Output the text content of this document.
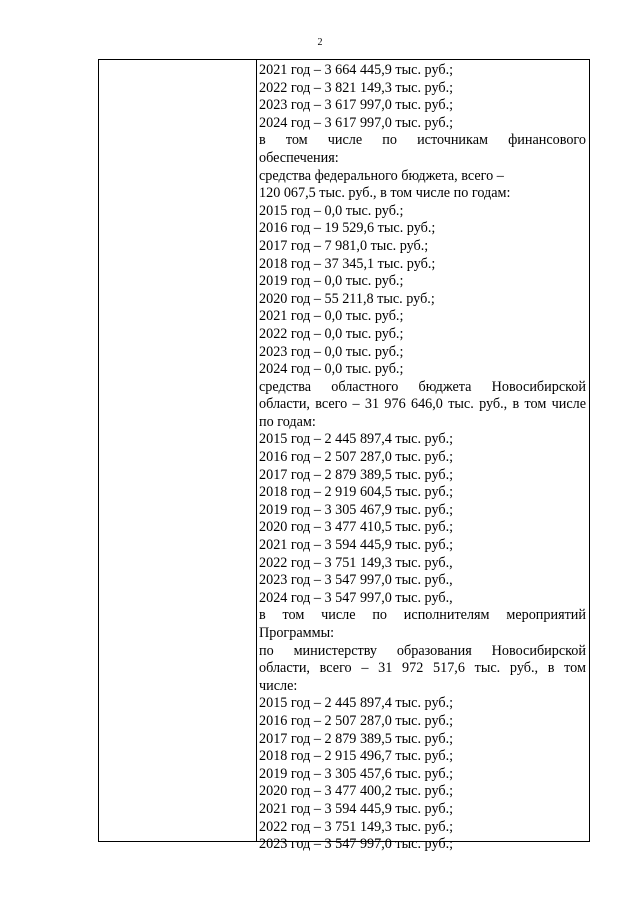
2
2021 год – 3 664 445,9 тыс. руб.;
2022 год – 3 821 149,3 тыс. руб.;
2023 год – 3 617 997,0 тыс. руб.;
2024 год – 3 617 997,0 тыс. руб.;
в том числе по источникам финансового
обеспечения:
средства федерального бюджета, всего –
120 067,5 тыс. руб., в том числе по годам:
2015 год – 0,0 тыс. руб.;
2016 год – 19 529,6 тыс. руб.;
2017 год – 7 981,0 тыс. руб.;
2018 год – 37 345,1 тыс. руб.;
2019 год – 0,0 тыс. руб.;
2020 год – 55 211,8 тыс. руб.;
2021 год – 0,0 тыс. руб.;
2022 год – 0,0 тыс. руб.;
2023 год – 0,0 тыс. руб.;
2024 год – 0,0 тыс. руб.;
средства областного бюджета Новосибирской
области, всего – 31 976 646,0 тыс. руб., в том числе
по годам:
2015 год – 2 445 897,4 тыс. руб.;
2016 год – 2 507 287,0 тыс. руб.;
2017 год – 2 879 389,5 тыс. руб.;
2018 год – 2 919 604,5 тыс. руб.;
2019 год – 3 305 467,9 тыс. руб.;
2020 год – 3 477 410,5 тыс. руб.;
2021 год – 3 594 445,9 тыс. руб.;
2022 год – 3 751 149,3 тыс. руб.,
2023 год – 3 547 997,0 тыс. руб.,
2024 год – 3 547 997,0 тыс. руб.,
в том числе по исполнителям мероприятий
Программы:
по министерству образования Новосибирской
области, всего – 31 972 517,6 тыс. руб., в том
числе:
2015 год – 2 445 897,4 тыс. руб.;
2016 год – 2 507 287,0 тыс. руб.;
2017 год – 2 879 389,5 тыс. руб.;
2018 год – 2 915 496,7 тыс. руб.;
2019 год – 3 305 457,6 тыс. руб.;
2020 год – 3 477 400,2 тыс. руб.;
2021 год – 3 594 445,9 тыс. руб.;
2022 год – 3 751 149,3 тыс. руб.;
2023 год – 3 547 997,0 тыс. руб.;
